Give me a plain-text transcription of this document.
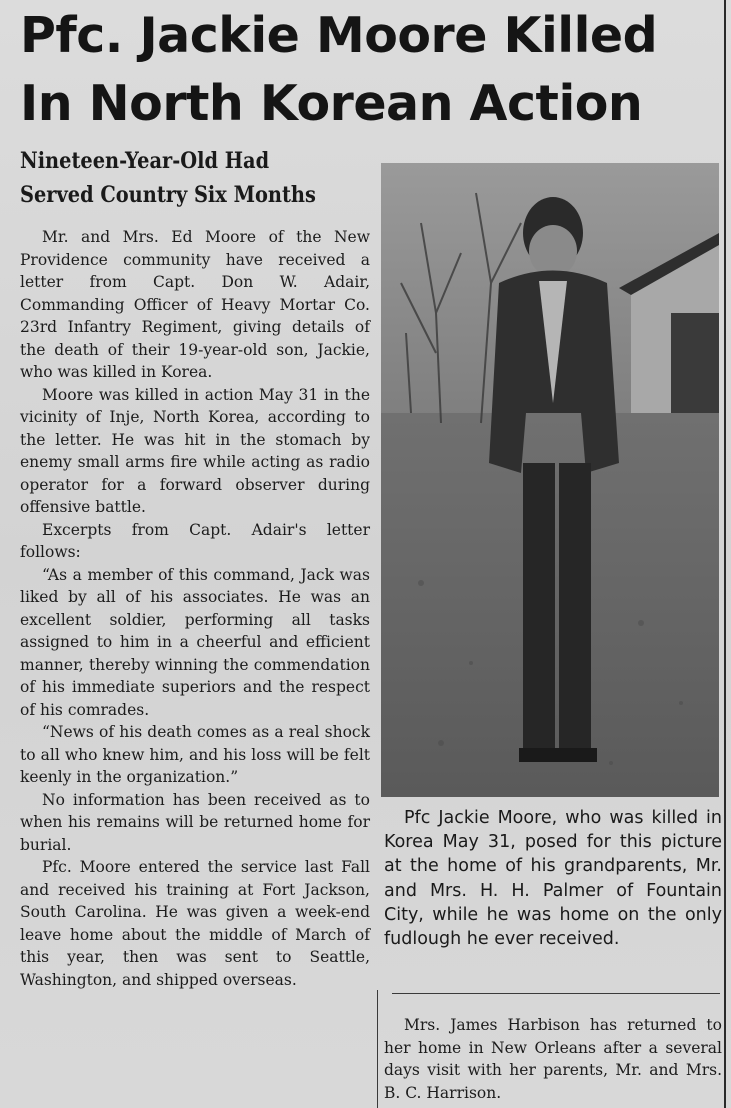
Pfc. Jackie Moore Killed
In North Korean Action
Nineteen-Year-Old Had
Served Country Six Months

Mr. and Mrs. Ed Moore of the New Providence community have received a letter from Capt. Don W. Adair, Commanding Officer of Heavy Mortar Co. 23rd Infantry Regiment, giving details of the death of their 19-year-old son, Jackie, who was killed in Korea.

Moore was killed in action May 31 in the vicinity of Inje, North Korea, according to the letter. He was hit in the stomach by enemy small arms fire while acting as radio operator for a forward observer during offensive battle.

Excerpts from Capt. Adair's letter follows:

“As a member of this command, Jack was liked by all of his associates. He was an excellent soldier, performing all tasks assigned to him in a cheerful and efficient manner, thereby winning the commendation of his immediate superiors and the respect of his comrades.

“News of his death comes as a real shock to all who knew him, and his loss will be felt keenly in the organization.”

No information has been received as to when his remains will be returned home for burial.

Pfc. Moore entered the service last Fall and received his training at Fort Jackson, South Carolina. He was given a week-end leave home about the middle of March of this year, then was sent to Seattle, Washington, and shipped overseas.

Pfc Jackie Moore, who was killed in Korea May 31, posed for this picture at the home of his grandparents, Mr. and Mrs. H. H. Palmer of Fountain City, while he was home on the only fudlough he ever received.
Mrs. James Harbison has returned to her home in New Orleans after a several days visit with her parents, Mr. and Mrs. B. C. Harrison.
